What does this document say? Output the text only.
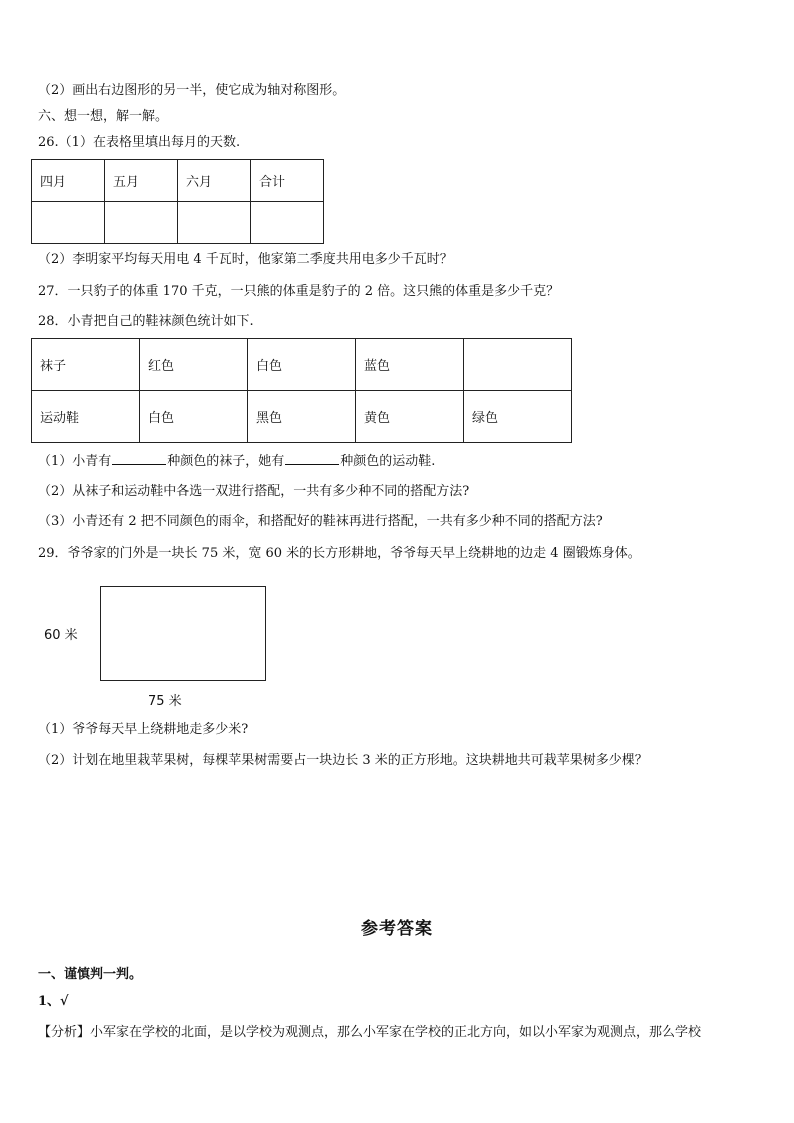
（2）画出右边图形的另一半，使它成为轴对称图形。
六、想一想，解一解。
26.（1）在表格里填出每月的天数.
四月	五月	六月	合计

（2）李明家平均每天用电 4 千瓦时，他家第二季度共用电多少千瓦时？
27．一只豹子的体重 170 千克，一只熊的体重是豹子的 2 倍。这只熊的体重是多少千克？
28．小青把自己的鞋袜颜色统计如下.
袜子	红色	白色	蓝色	
运动鞋	白色	黑色	黄色	绿色
（1）小青有	种颜色的袜子，她有	种颜色的运动鞋.
（2）从袜子和运动鞋中各选一双进行搭配，一共有多少种不同的搭配方法?
（3）小青还有 2 把不同颜色的雨伞，和搭配好的鞋袜再进行搭配，一共有多少种不同的搭配方法?
29．爷爷家的门外是一块长 75 米，宽 60 米的长方形耕地，爷爷每天早上绕耕地的边走 4 圈锻炼身体。
60 米
75 米
（1）爷爷每天早上绕耕地走多少米?
（2）计划在地里栽苹果树，每棵苹果树需要占一块边长 3 米的正方形地。这块耕地共可栽苹果树多少棵？
参考答案
一、谨慎判一判。
1、√
【分析】小军家在学校的北面，是以学校为观测点，那么小军家在学校的正北方向，如以小军家为观测点，那么学校
